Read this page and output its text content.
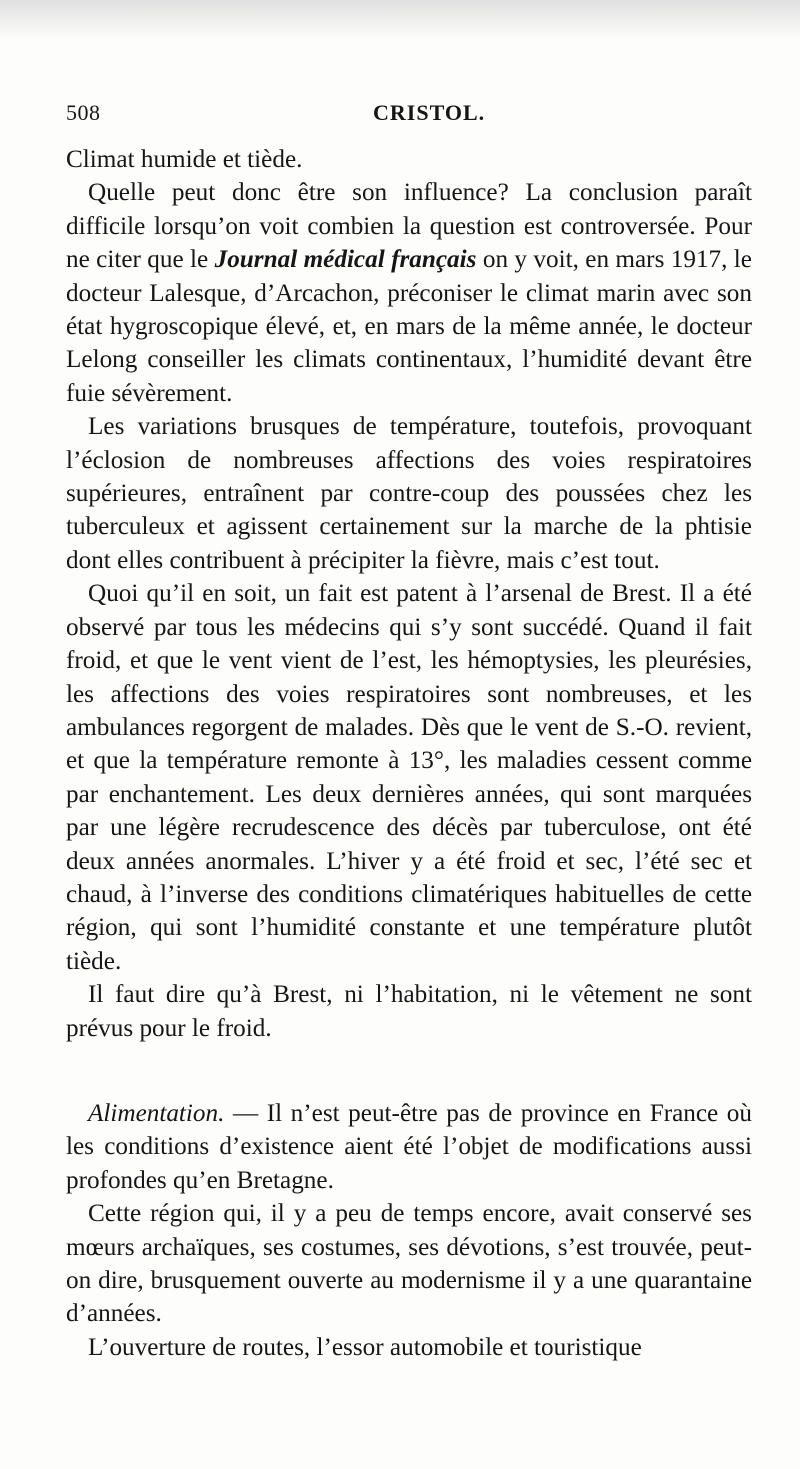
508	CRISTOL.

Climat humide et tiède.

Quelle peut donc être son influence? La conclusion paraît difficile lorsqu’on voit combien la question est controversée. Pour ne citer que le Journal médical français on y voit, en mars 1917, le docteur Lalesque, d’Arcachon, préconiser le climat marin avec son état hygroscopique élevé, et, en mars de la même année, le docteur Lelong conseiller les climats continentaux, l’humidité devant être fuie sévèrement.

Les variations brusques de température, toutefois, provoquant l’éclosion de nombreuses affections des voies respiratoires supérieures, entraînent par contre-coup des poussées chez les tuberculeux et agissent certainement sur la marche de la phtisie dont elles contribuent à précipiter la fièvre, mais c’est tout.

Quoi qu’il en soit, un fait est patent à l’arsenal de Brest. Il a été observé par tous les médecins qui s’y sont succédé. Quand il fait froid, et que le vent vient de l’est, les hémoptysies, les pleurésies, les affections des voies respiratoires sont nombreuses, et les ambulances regorgent de malades. Dès que le vent de S.-O. revient, et que la température remonte à 13°, les maladies cessent comme par enchantement. Les deux dernières années, qui sont marquées par une légère recrudescence des décès par tuberculose, ont été deux années anormales. L’hiver y a été froid et sec, l’été sec et chaud, à l’inverse des conditions climatériques habituelles de cette région, qui sont l’humidité constante et une température plutôt tiède.

Il faut dire qu’à Brest, ni l’habitation, ni le vêtement ne sont prévus pour le froid.

Alimentation. — Il n’est peut-être pas de province en France où les conditions d’existence aient été l’objet de modifications aussi profondes qu’en Bretagne.

Cette région qui, il y a peu de temps encore, avait conservé ses mœurs archaïques, ses costumes, ses dévotions, s’est trouvée, peut-on dire, brusquement ouverte au modernisme il y a une quarantaine d’années.

L’ouverture de routes, l’essor automobile et touristique
